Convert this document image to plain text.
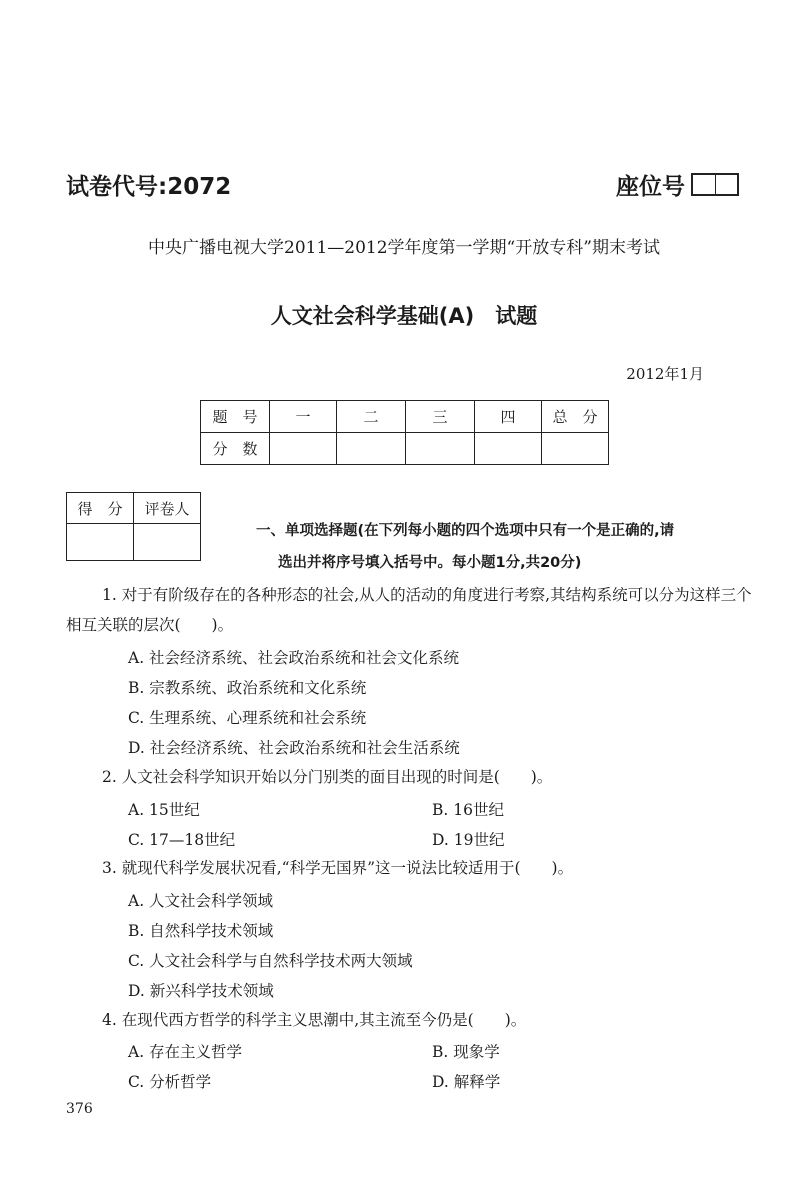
试卷代号:2072	座位号
中央广播电视大学2011—2012学年度第一学期“开放专科”期末考试
人文社会科学基础(A)　试题
2012年1月
题　号	一	二	三	四	总　分
分　数					
得　分	评卷人

一、单项选择题(在下列每小题的四个选项中只有一个是正确的,请
选出并将序号填入括号中。每小题1分,共20分)
1. 对于有阶级存在的各种形态的社会,从人的活动的角度进行考察,其结构系统可以分为这样三个相互关联的层次(　　)。
A. 社会经济系统、社会政治系统和社会文化系统
B. 宗教系统、政治系统和文化系统
C. 生理系统、心理系统和社会系统
D. 社会经济系统、社会政治系统和社会生活系统
2. 人文社会科学知识开始以分门别类的面目出现的时间是(　　)。
A. 15世纪	B. 16世纪
C. 17—18世纪	D. 19世纪
3. 就现代科学发展状况看,“科学无国界”这一说法比较适用于(　　)。
A. 人文社会科学领域
B. 自然科学技术领域
C. 人文社会科学与自然科学技术两大领域
D. 新兴科学技术领域
4. 在现代西方哲学的科学主义思潮中,其主流至今仍是(　　)。
A. 存在主义哲学	B. 现象学
C. 分析哲学	D. 解释学
376
